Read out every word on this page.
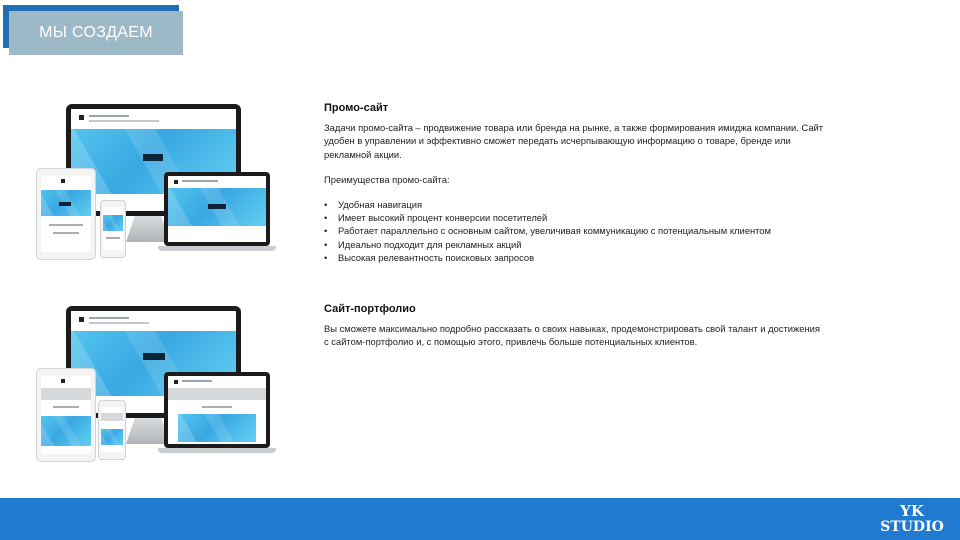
МЫ СОЗДАЕМ
Промо-сайт

Задачи промо-сайта – продвижение товара или бренда на рынке, а также формирования имиджа компании. Сайт удобен в управлении и эффективно сможет передать исчерпывающую информацию о товаре, бренде или рекламной акции.

Преимущества промо-сайта:

• Удобная навигация
• Имеет высокий процент конверсии посетителей
• Работает параллельно с основным сайтом, увеличивая коммуникацию с потенциальным клиентом
• Идеально подходит для рекламных акций
• Высокая релевантность поисковых запросов
Сайт-портфолио

Вы сможете максимально подробно рассказать о своих навыках, продемонстрировать свой талант и достижения с сайтом-портфолио и, с помощью этого, привлечь больше потенциальных клиентов.

YK
STUDIO
